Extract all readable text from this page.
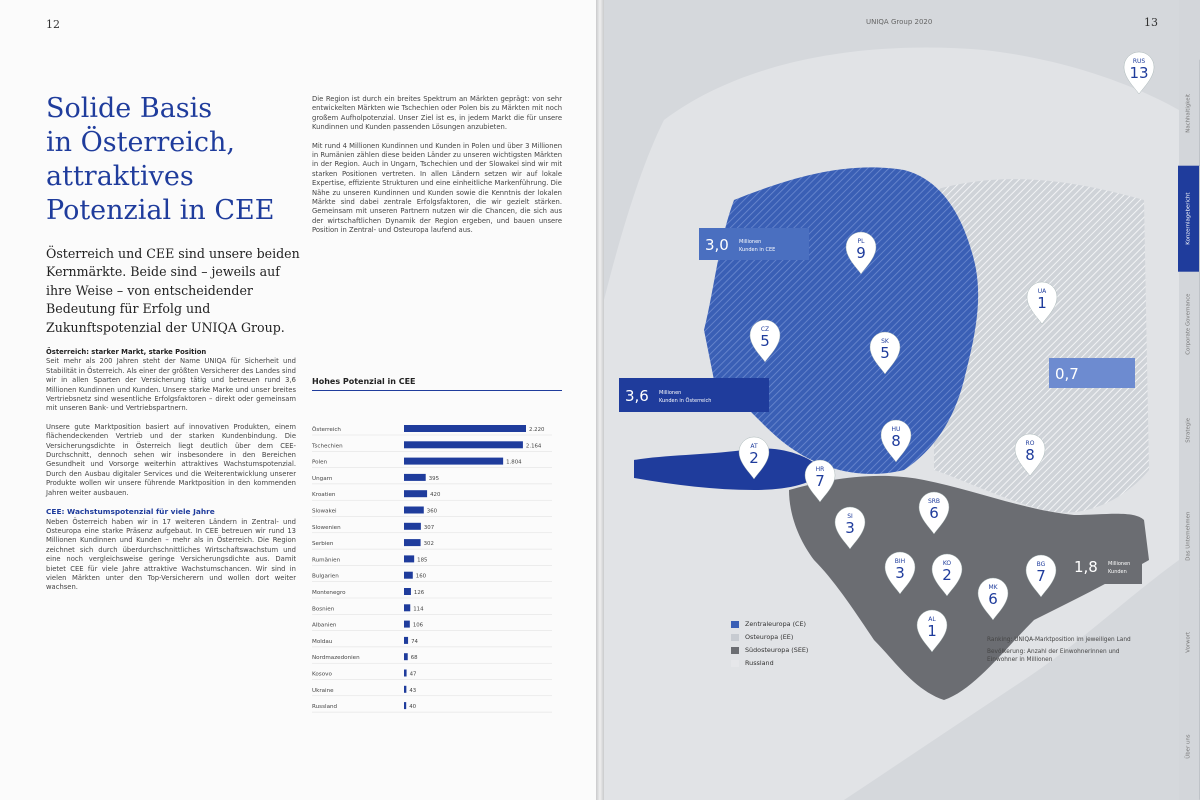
12
Solide Basis
in Österreich,
attraktives
Potenzial in CEE
Österreich und CEE sind unsere beiden Kernmärkte. Beide sind – jeweils auf ihre Weise – von entscheidender Bedeutung für Erfolg und Zukunftspotenzial der UNIQA Group.

Österreich: starker Markt, starke Position
Seit mehr als 200 Jahren steht der Name UNIQA für Sicherheit und Stabilität in Österreich. Als einer der größten Versicherer des Landes sind wir in allen Sparten der Versicherung tätig und betreuen rund 3,6 Millionen Kundinnen und Kunden. Unsere starke Marke und unser breites Vertriebsnetz sind wesentliche Erfolgsfaktoren – direkt oder gemeinsam mit unseren Bank- und Vertriebspartnern.

Unsere gute Marktposition basiert auf innovativen Produkten, einem flächendeckenden Vertrieb und der starken Kundenbindung. Die Versicherungsdichte in Österreich liegt deutlich über dem CEE-Durchschnitt, dennoch sehen wir insbesondere in den Bereichen Gesundheit und Vorsorge weiterhin attraktives Wachstumspotenzial. Durch den Ausbau digitaler Services und die Weiterentwicklung unserer Produkte wollen wir unsere führende Marktposition in den kommenden Jahren weiter ausbauen.

CEE: Wachstumspotenzial für viele Jahre
Neben Österreich haben wir in 17 weiteren Ländern in Zentral- und Osteuropa eine starke Präsenz aufgebaut. In CEE betreuen wir rund 13 Millionen Kundinnen und Kunden – mehr als in Österreich. Die Region zeichnet sich durch überdurchschnittliches Wirtschaftswachstum und eine noch vergleichsweise geringe Versicherungsdichte aus. Damit bietet CEE für viele Jahre attraktive Wachstumschancen. Wir sind in vielen Märkten unter den Top-Versicherern und wollen dort weiter wachsen.

Die Region ist durch ein breites Spektrum an Märkten geprägt: von sehr entwickelten Märkten wie Tschechien oder Polen bis zu Märkten mit noch großem Aufholpotenzial. Unser Ziel ist es, in jedem Markt die für unsere Kundinnen und Kunden passenden Lösungen anzubieten.

Mit rund 4 Millionen Kundinnen und Kunden in Polen und über 3 Millionen in Rumänien zählen diese beiden Länder zu unseren wichtigsten Märkten in der Region. Auch in Ungarn, Tschechien und der Slowakei sind wir mit starken Positionen vertreten. In allen Ländern setzen wir auf lokale Expertise, effiziente Strukturen und eine einheitliche Markenführung. Die Nähe zu unseren Kundinnen und Kunden sowie die Kenntnis der lokalen Märkte sind dabei zentrale Erfolgsfaktoren, die wir gezielt stärken. Gemeinsam mit unseren Partnern nutzen wir die Chancen, die sich aus der wirtschaftlichen Dynamik der Region ergeben, und bauen unsere Position in Zentral- und Osteuropa laufend aus.

Hohes Potenzial in CEE
Österreich	2.220
Tschechien	2.164
Polen	1.804
Ungarn	395
Kroatien	420
Slowakei	360
Slowenien	307
Serbien	302
Rumänien	185
Bulgarien	160
Montenegro	126
Bosnien	114
Albanien	106
Moldau	74
Nordmazedonien	68
Kosovo	47
Ukraine	43
Russland	40
RUS
13
PL
9
CZ
5	SK
5
UA
1
AT
2
HU
8	RO
8
HR
7
SI
3
SRB
6
BIH
3
KO
2
BG
7
MK
6
AL
1
3,0 Millionen
Kunden in CEE
3,6 Millionen
Kunden in Österreich
0,7
1,8 Millionen
Kunden
UNIQA Group 2020	13
Nachhaltigkeit
Konzernlagebericht
Corporate Governance
Strategie
Das Unternehmen
Vorwort
Über uns
Zentraleuropa (CE)
Osteuropa (EE)
Südosteuropa (SEE)
Russland

Ranking: UNIQA-Marktposition im jeweiligen Land

Bevölkerung: Anzahl der Einwohnerinnen und Einwohner in Millionen
